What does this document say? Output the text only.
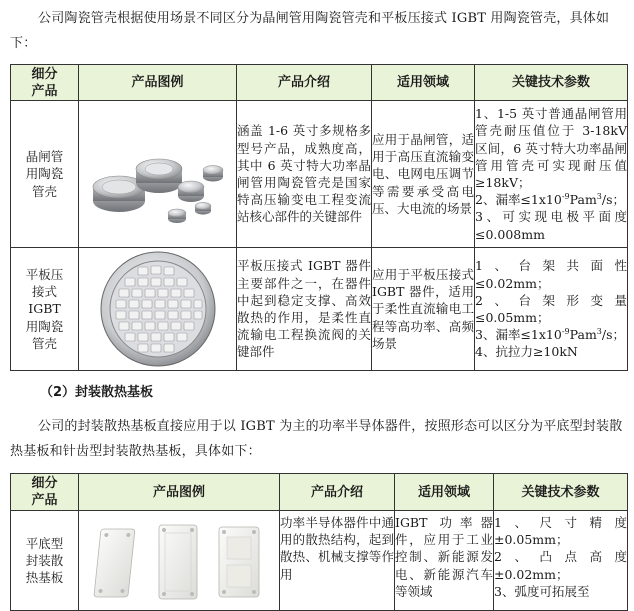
公司陶瓷管壳根据使用场景不同区分为晶闸管用陶瓷管壳和平板压接式 IGBT 用陶瓷管壳，具体如下：
细分产品	产品图例	产品介绍	适用领域	关键技术参数

晶闸管用陶瓷管壳		涵盖 1-6 英寸多规格多型号产品，成熟度高，其中 6 英寸特大功率晶闸管用陶瓷管壳是国家特高压输变电工程变流站核心部件的关键部件	应用于晶闸管，适用于高压直流输变电、电网电压调节等需要承受高电压、大电流的场景	1、1-5 英寸普通晶闸管用管壳耐压值位于 3-18kV 区间，6 英寸特大功率晶闸管用管壳可实现耐压值≥18kV；
2、漏率$\le 1x10^{-9}Pam^3/s$；
3、可实现电极平面度≤0.008mm

平板压接式 IGBT 用陶瓷管壳		平板压接式 IGBT 器件主要部件之一，在器件中起到稳定支撑、高效散热的作用，是柔性直流输电工程换流阀的关键部件	应用于平板压接式 IGBT 器件，适用于柔性直流输电工程等高功率、高频场景	1、台架共面性≤0.02mm；
2、台架形变量≤0.05mm；
3、漏率$\le 1x10^{-9}Pam^3/s$；
4、抗拉力≥10kN
（2）封装散热基板
公司的封装散热基板直接应用于以 IGBT 为主的功率半导体器件，按照形态可以区分为平底型封装散热基板和针齿型封装散热基板，具体如下：
细分产品	产品图例	产品介绍	适用领域	关键技术参数

平底型封装散热基板		功率半导体器件中通用的散热结构，起到散热、机械支撑等作用	IGBT 功率器件，应用于工业控制、新能源发电、新能源汽车等领域	1、尺寸精度±0.05mm；
2、凸点高度±0.02mm；
3、弧度可拓展至
